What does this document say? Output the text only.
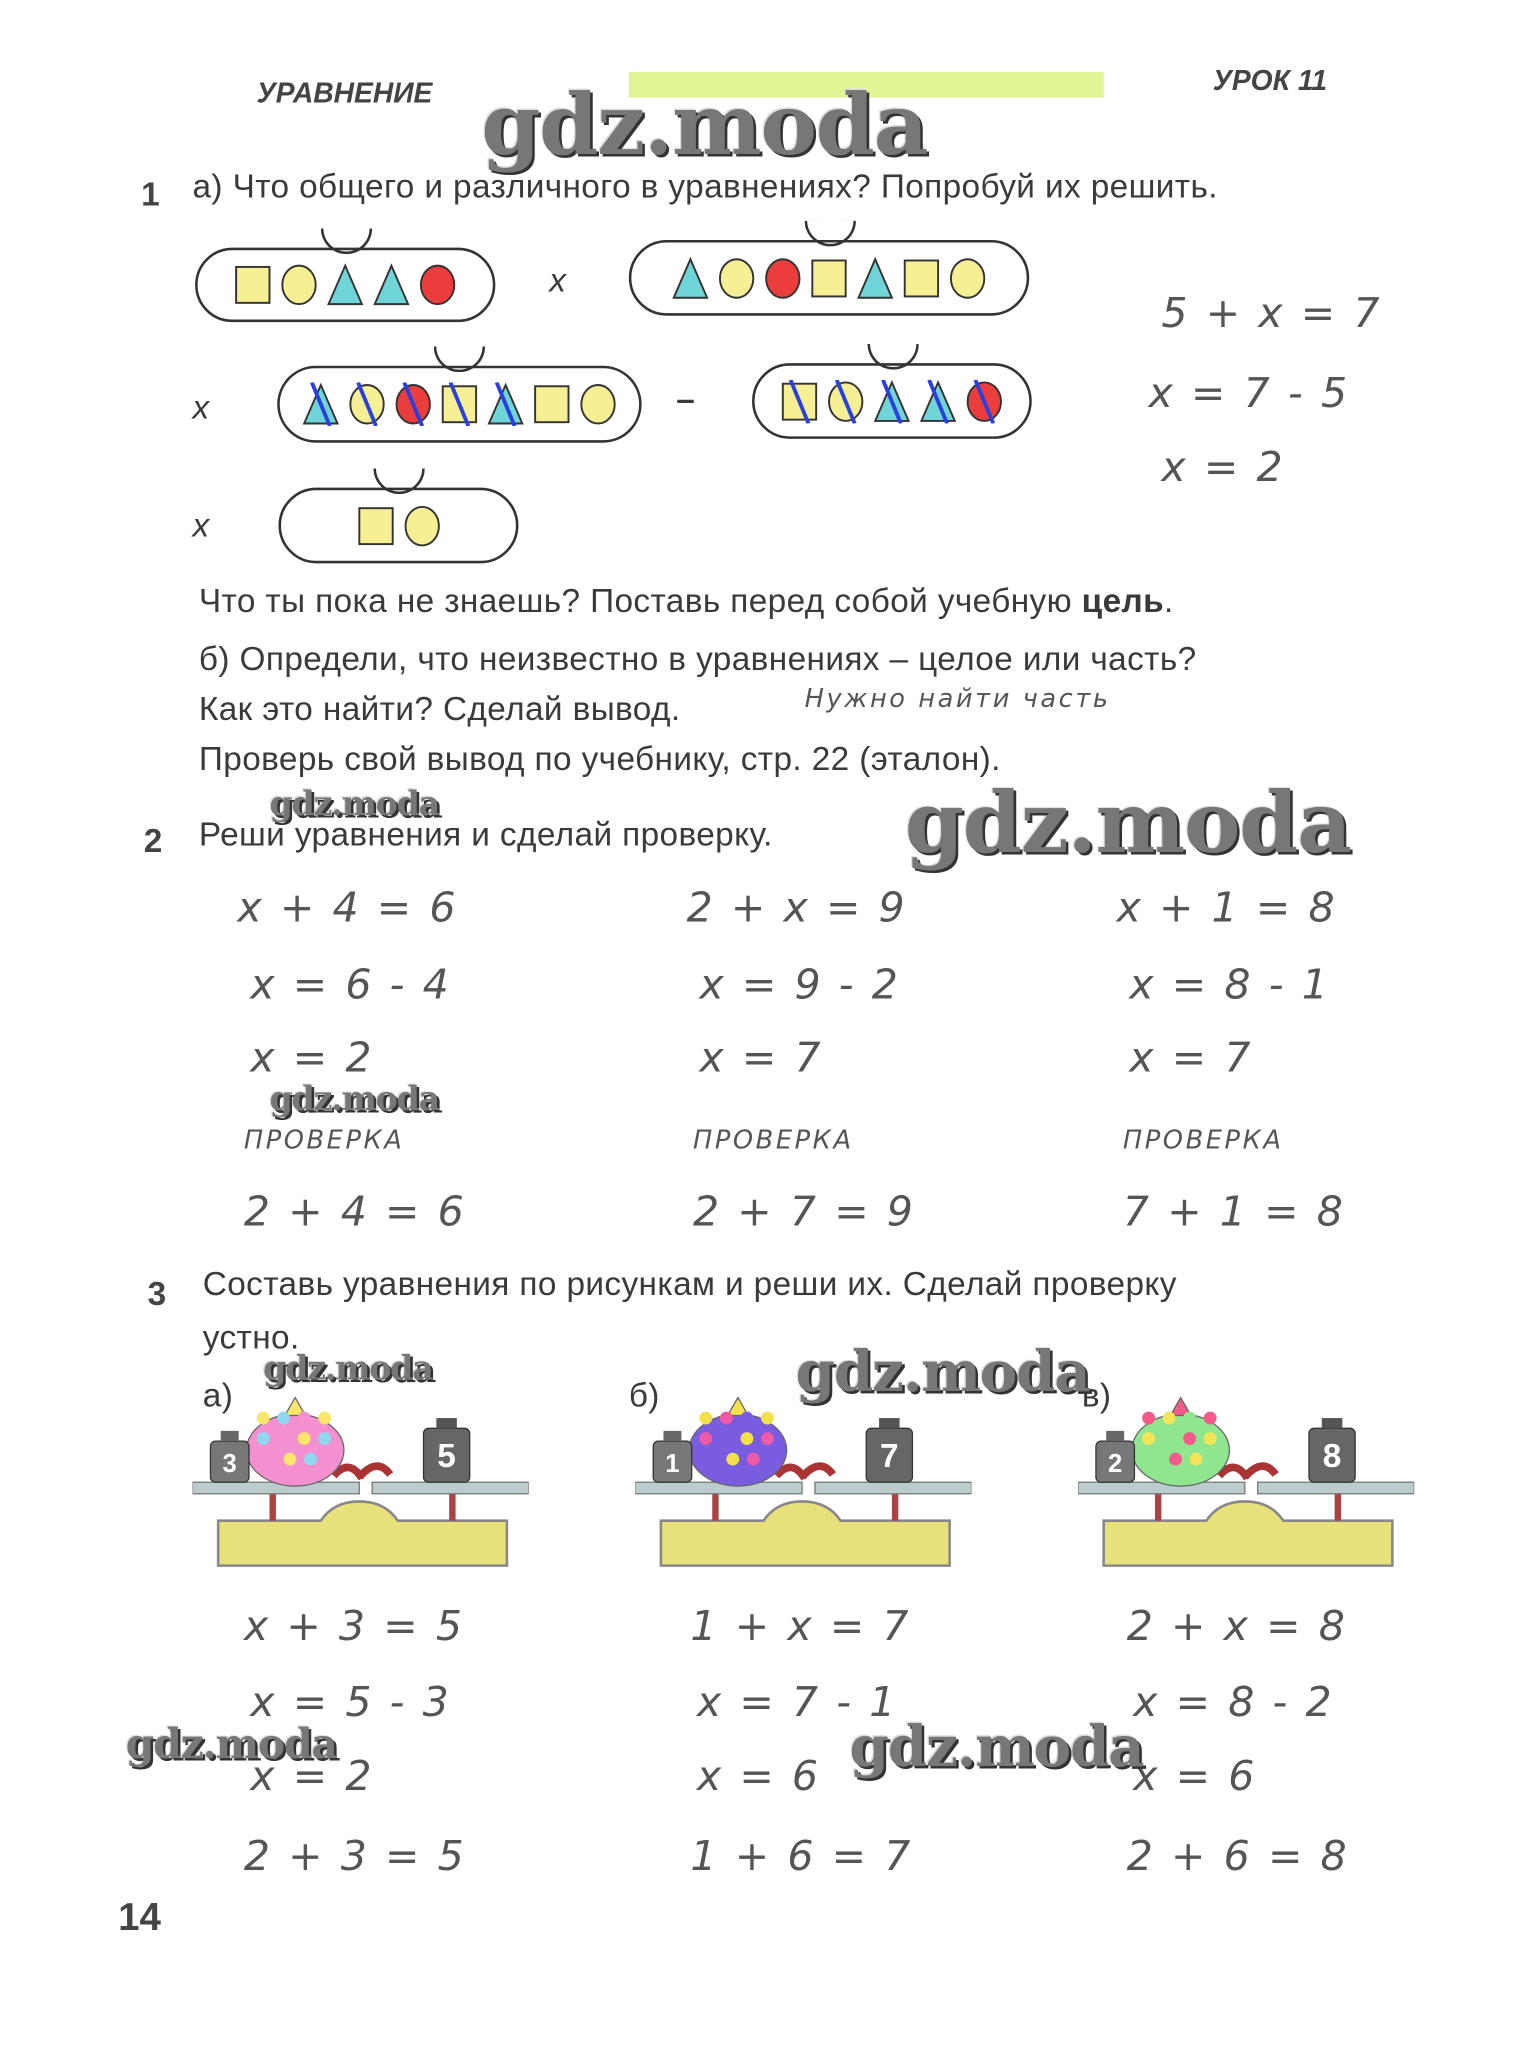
УРАВНЕНИЕ	УРОК 11
gdz.moda
1 а) Что общего и различного в уравнениях? Попробуй их решить.
x
x	–
x
5 + x = 7
x = 7 - 5
x = 2
Что ты пока не знаешь? Поставь перед собой учебную цель.
б) Определи, что неизвестно в уравнениях – целое или часть?
Как это найти? Сделай вывод.	Нужно найти часть
Проверь свой вывод по учебнику, стр. 22 (эталон).
gdz.moda
2 Реши уравнения и сделай проверку. gdz.moda
x + 4 = 6
x = 6 - 4
x = 2
ПРОВЕРКА
2 + 4 = 6
2 + x = 9
x = 9 - 2
x = 7
ПРОВЕРКА
2 + 7 = 9
x + 1 = 8
x = 8 - 1
x = 7
ПРОВЕРКА
7 + 1 = 8
gdz.moda
3 Составь уравнения по рисункам и реши их. Сделай проверку
устно.
а)
3	5
x + 3 = 5
x = 5 - 3
x = 2
2 + 3 = 5
б)
1	7
1 + x = 7
x = 7 - 1
x = 6
1 + 6 = 7
в)
2	8
2 + x = 8
x = 8 - 2
x = 6
2 + 6 = 8
gdz.moda	gdz.moda
gdz.moda	gdz.moda
14
